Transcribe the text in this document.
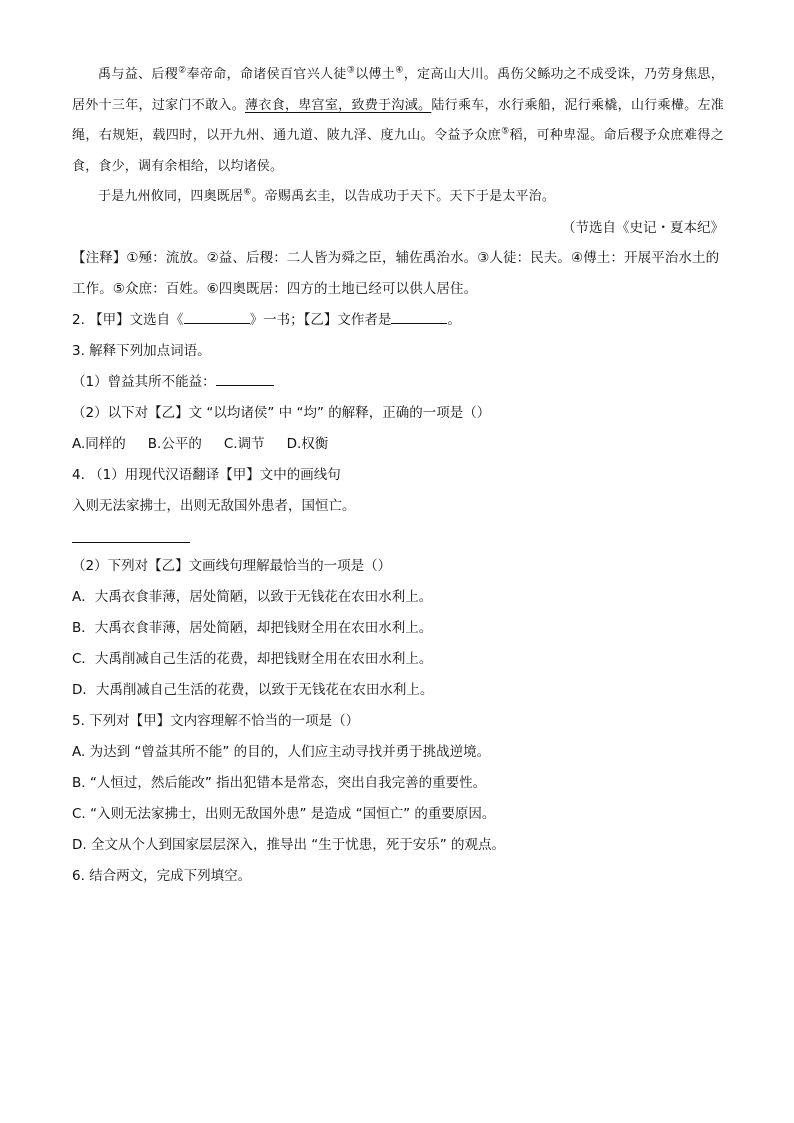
禹与益、后稷②奉帝命，命诸侯百官兴人徒③以傅土④，定高山大川。禹伤父鲧功之不成受诛，乃劳身焦思，居外十三年，过家门不敢入。薄衣食，卑宫室，致费于沟淢。陆行乘车，水行乘船，泥行乘橇，山行乘檋。左准绳，右规矩，载四时，以开九州、通九道、陂九泽、度九山。令益予众庶⑤稻，可种卑湿。命后稷予众庶难得之食，食少，调有余相给，以均诸侯。

于是九州攸同，四奥既居⑥。帝赐禹玄圭，以告成功于天下。天下于是太平治。

（节选自《史记・夏本纪》

【注释】①殛：流放。②益、后稷：二人皆为舜之臣，辅佐禹治水。③人徒：民夫。④傅土：开展平治水土的工作。⑤众庶：百姓。⑥四奥既居：四方的土地已经可以供人居住。

2. 【甲】文选自《	》一书；【乙】文作者是	。

3. 解释下列加点词语。

（1）曾益其所不能益：

（2）以下对【乙】文 “以均诸侯” 中 “均” 的解释，正确的一项是（）

A.同样的 B.公平的 C.调节 D.权衡

4. （1）用现代汉语翻译【甲】文中的画线句

入则无法家拂士，出则无敌国外患者，国恒亡。

（2）下列对【乙】文画线句理解最恰当的一项是（）

A．大禹衣食菲薄，居处简陋，以致于无钱花在农田水利上。

B．大禹衣食菲薄，居处简陋，却把钱财全用在农田水利上。

C．大禹削减自己生活的花费，却把钱财全用在农田水利上。

D．大禹削减自己生活的花费，以致于无钱花在农田水利上。

5. 下列对【甲】文内容理解不恰当的一项是（）

A. 为达到 “曾益其所不能” 的目的，人们应主动寻找并勇于挑战逆境。

B. “人恒过，然后能改” 指出犯错本是常态，突出自我完善的重要性。

C. “入则无法家拂士，出则无敌国外患” 是造成 “国恒亡” 的重要原因。

D. 全文从个人到国家层层深入，推导出 “生于忧患，死于安乐” 的观点。

6. 结合两文，完成下列填空。
